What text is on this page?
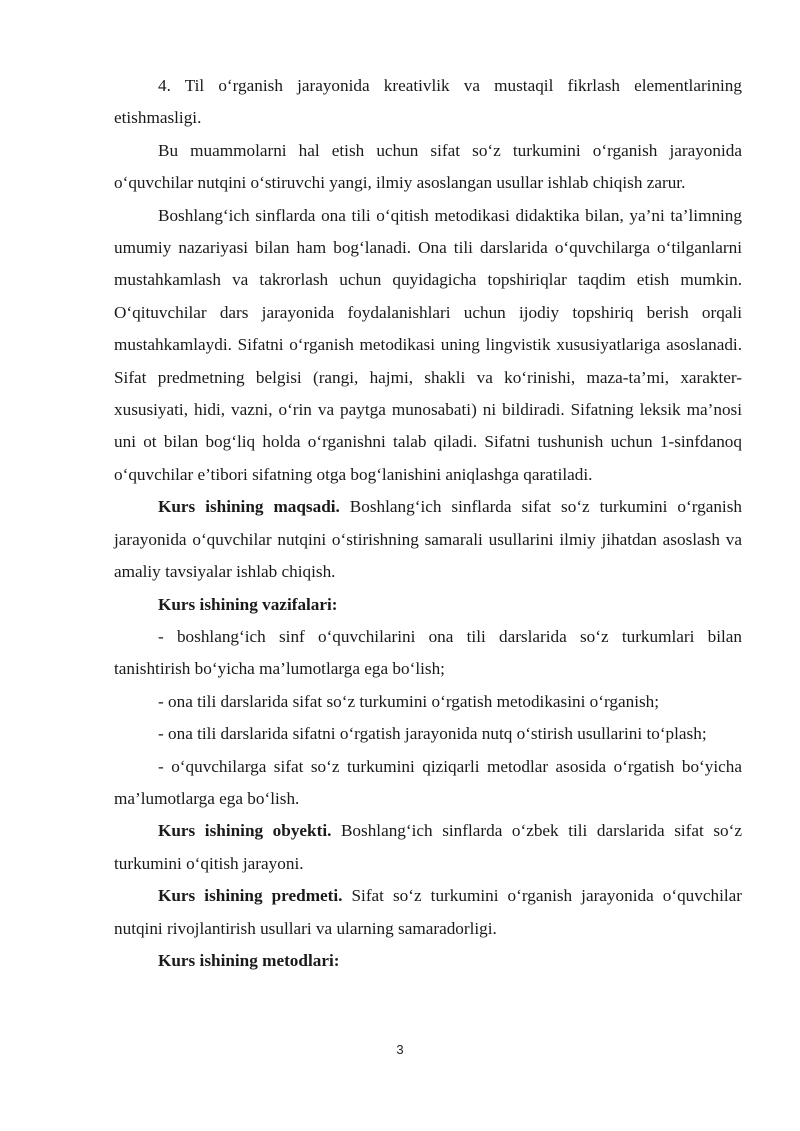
4. Til o‘rganish jarayonida kreativlik va mustaqil fikrlash elementlarining etishmasligi.

Bu muammolarni hal etish uchun sifat so‘z turkumini o‘rganish jarayonida o‘quvchilar nutqini o‘stiruvchi yangi, ilmiy asoslangan usullar ishlab chiqish zarur.

Boshlang‘ich sinflarda ona tili o‘qitish metodikasi didaktika bilan, ya’ni ta’limning umumiy nazariyasi bilan ham bog‘lanadi. Ona tili darslarida o‘quvchilarga o‘tilganlarni mustahkamlash va takrorlash uchun quyidagicha topshiriqlar taqdim etish mumkin. O‘qituvchilar dars jarayonida foydalanishlari uchun ijodiy topshiriq berish orqali mustahkamlaydi. Sifatni o‘rganish metodikasi uning lingvistik xususiyatlariga asoslanadi. Sifat predmetning belgisi (rangi, hajmi, shakli va ko‘rinishi, maza-ta’mi, xarakter-xususiyati, hidi, vazni, o‘rin va paytga munosabati) ni bildiradi. Sifatning leksik ma’nosi uni ot bilan bog‘liq holda o‘rganishni talab qiladi. Sifatni tushunish uchun 1-sinfdanoq o‘quvchilar e’tibori sifatning otga bog‘lanishini aniqlashga qaratiladi.

Kurs ishining maqsadi. Boshlang‘ich sinflarda sifat so‘z turkumini o‘rganish jarayonida o‘quvchilar nutqini o‘stirishning samarali usullarini ilmiy jihatdan asoslash va amaliy tavsiyalar ishlab chiqish.

Kurs ishining vazifalari:

- boshlang‘ich sinf o‘quvchilarini ona tili darslarida so‘z turkumlari bilan tanishtirish bo‘yicha ma’lumotlarga ega bo‘lish;

- ona tili darslarida sifat so‘z turkumini o‘rgatish metodikasini o‘rganish;

- ona tili darslarida sifatni o‘rgatish jarayonida nutq o‘stirish usullarini to‘plash;

- o‘quvchilarga sifat so‘z turkumini qiziqarli metodlar asosida o‘rgatish bo‘yicha ma’lumotlarga ega bo‘lish.

Kurs ishining obyekti. Boshlang‘ich sinflarda o‘zbek tili darslarida sifat so‘z turkumini o‘qitish jarayoni.

Kurs ishining predmeti. Sifat so‘z turkumini o‘rganish jarayonida o‘quvchilar nutqini rivojlantirish usullari va ularning samaradorligi.

Kurs ishining metodlari:

3
